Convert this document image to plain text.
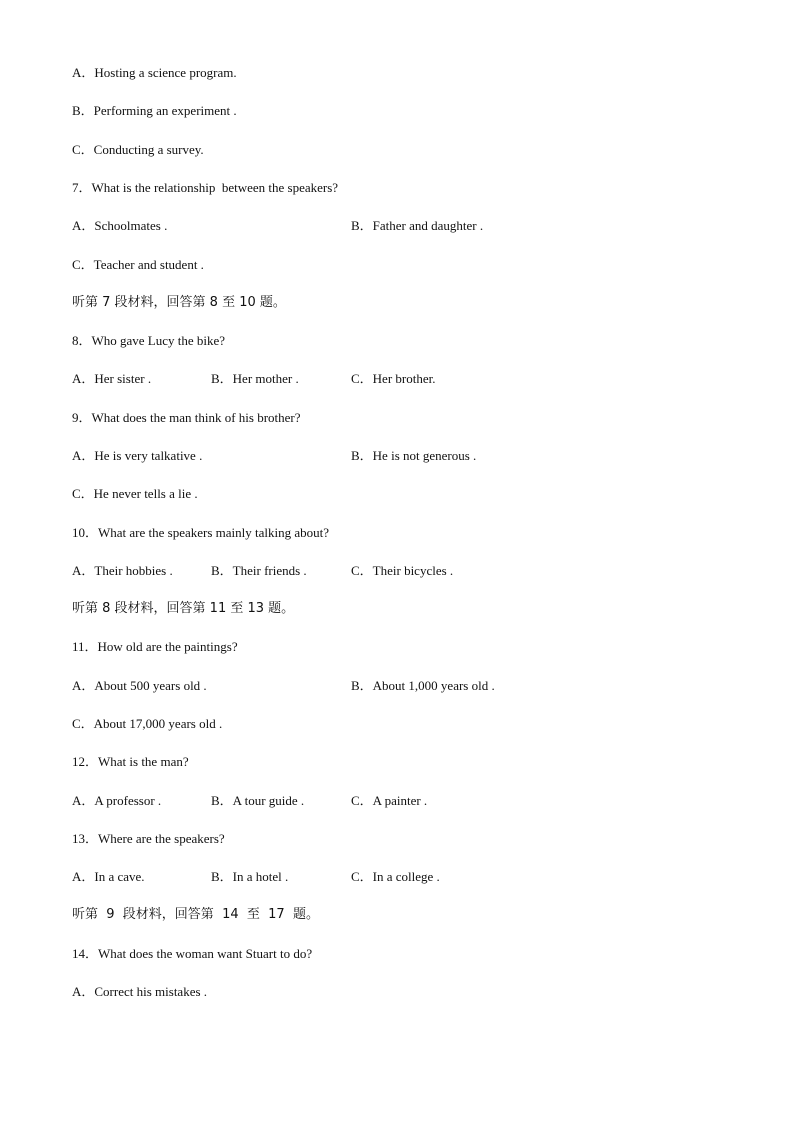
A．Hosting a science program.
B．Performing an experiment .
C．Conducting a survey.
7．What is the relationship  between the speakers?
A．Schoolmates .	B．Father and daughter .
C．Teacher and student .
听第 7 段材料，回答第 8 至 10 题。
8．Who gave Lucy the bike?
A．Her sister .	B．Her mother .	C．Her brother.
9．What does the man think of his brother?
A．He is very talkative .	B．He is not generous .
C．He never tells a lie .
10．What are the speakers mainly talking about?
A．Their hobbies .	B．Their friends .	C．Their bicycles .
听第 8 段材料，回答第 11 至 13 题。
11．How old are the paintings?
A．About 500 years old .	B．About 1,000 years old .
C．About 17,000 years old .
12．What is the man?
A．A professor .	B．A tour guide .	C．A painter .
13．Where are the speakers?
A．In a cave.	B．In a hotel .	C．In a college .
听第  9  段材料，回答第  14  至  17  题。
14．What does the woman want Stuart to do?
A．Correct his mistakes .
